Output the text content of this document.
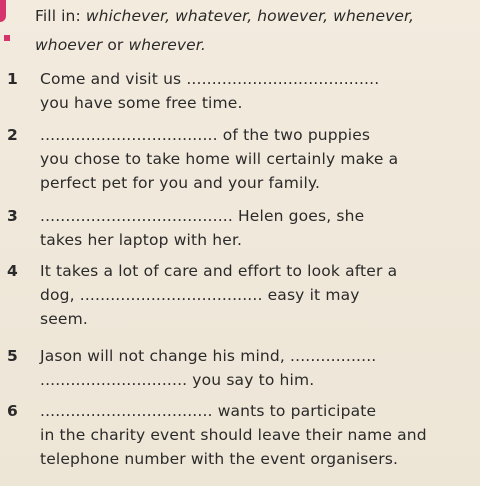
Fill in: whichever, whatever, however, whenever,
whoever or wherever.
1 Come and visit us ......................................
you have some free time.
2 ................................... of the two puppies
you chose to take home will certainly make a
perfect pet for you and your family.
3 ...................................... Helen goes, she
takes her laptop with her.
4 It takes a lot of care and effort to look after a
dog, .................................... easy it may
seem.
5 Jason will not change his mind, .................
............................. you say to him.
6 .................................. wants to participate
in the charity event should leave their name and
telephone number with the event organisers.
